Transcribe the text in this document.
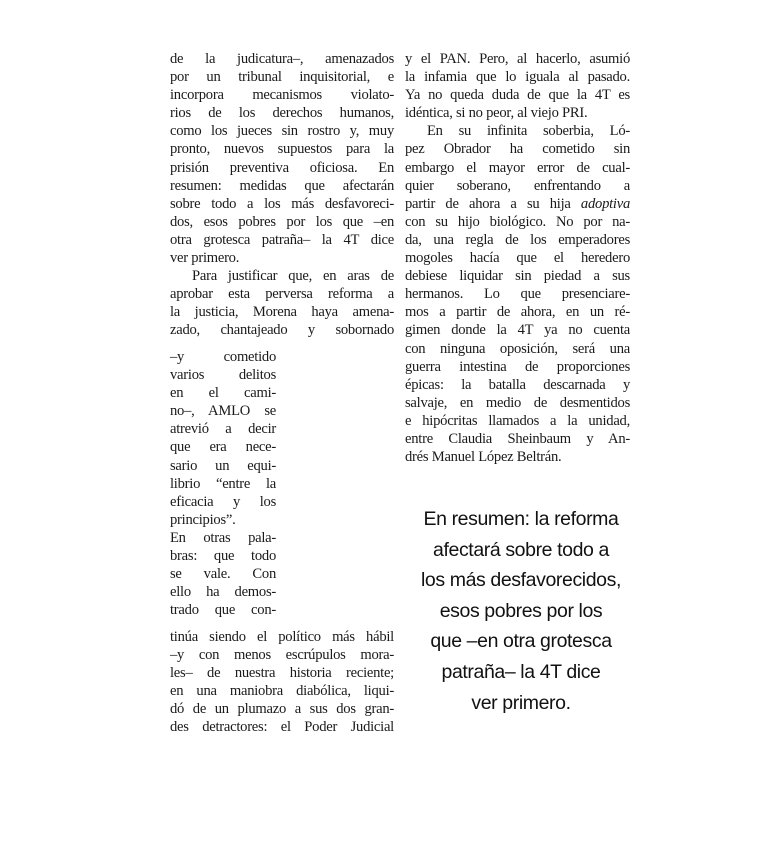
de la judicatura–, amenazados
por un tribunal inquisitorial, e
incorpora mecanismos violato-
rios de los derechos humanos,
como los jueces sin rostro y, muy
pronto, nuevos supuestos para la
prisión preventiva oficiosa. En
resumen: medidas que afectarán
sobre todo a los más desfavoreci-
dos, esos pobres por los que –en
otra grotesca patraña– la 4T dice
ver primero.

Para justificar que, en aras de
aprobar esta perversa reforma a
la justicia, Morena haya amena-
zado, chantajeado y sobornado

–y cometido
varios delitos
en el cami-
no–, AMLO se
atrevió a decir
que era nece-
sario un equi-
librio “entre la
eficacia y los
principios”.
En otras pala-
bras: que todo
se vale. Con
ello ha demos-
trado que con-
tinúa siendo el político más hábil
–y con menos escrúpulos mora-
les– de nuestra historia reciente;
en una maniobra diabólica, liqui-
dó de un plumazo a sus dos gran-
des detractores: el Poder Judicial

y el PAN. Pero, al hacerlo, asumió
la infamia que lo iguala al pasado.
Ya no queda duda de que la 4T es
idéntica, si no peor, al viejo PRI.

En su infinita soberbia, Ló-
pez Obrador ha cometido sin
embargo el mayor error de cual-
quier soberano, enfrentando a
partir de ahora a su hija adoptiva
con su hijo biológico. No por na-
da, una regla de los emperadores
mogoles hacía que el heredero
debiese liquidar sin piedad a sus
hermanos. Lo que presenciare-
mos a partir de ahora, en un ré-
gimen donde la 4T ya no cuenta
con ninguna oposición, será una
guerra intestina de proporciones
épicas: la batalla descarnada y
salvaje, en medio de desmentidos
e hipócritas llamados a la unidad,
entre Claudia Sheinbaum y An-
drés Manuel López Beltrán.

En resumen: la reforma
afectará sobre todo a
los más desfavorecidos,
esos pobres por los
que –en otra grotesca
patraña– la 4T dice
ver primero.
